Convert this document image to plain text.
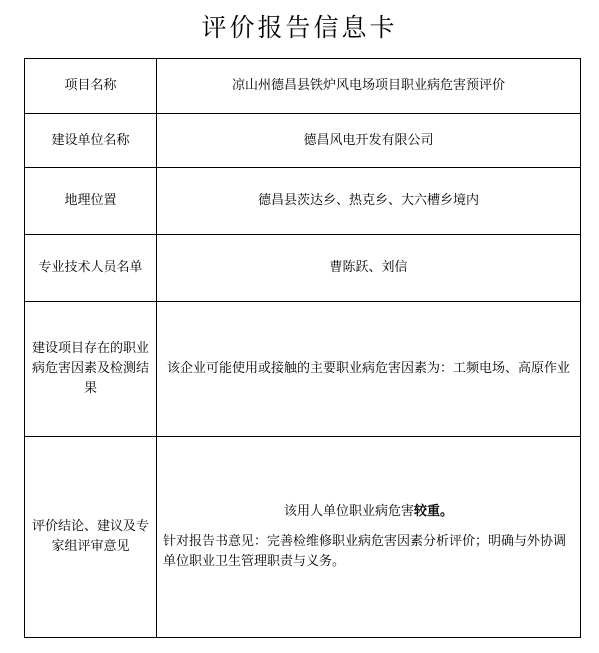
评价报告信息卡
项目名称	凉山州德昌县铁炉风电场项目职业病危害预评价
建设单位名称	德昌风电开发有限公司
地理位置	德昌县茨达乡、热克乡、大六槽乡境内
专业技术人员名单	曹陈跃、刘信
建设项目存在的职业病危害因素及检测结果	该企业可能使用或接触的主要职业病危害因素为：工频电场、高原作业
评价结论、建议及专家组评审意见	该用人单位职业病危害较重。
针对报告书意见：完善检维修职业病危害因素分析评价；明确与外协调单位职业卫生管理职责与义务。
